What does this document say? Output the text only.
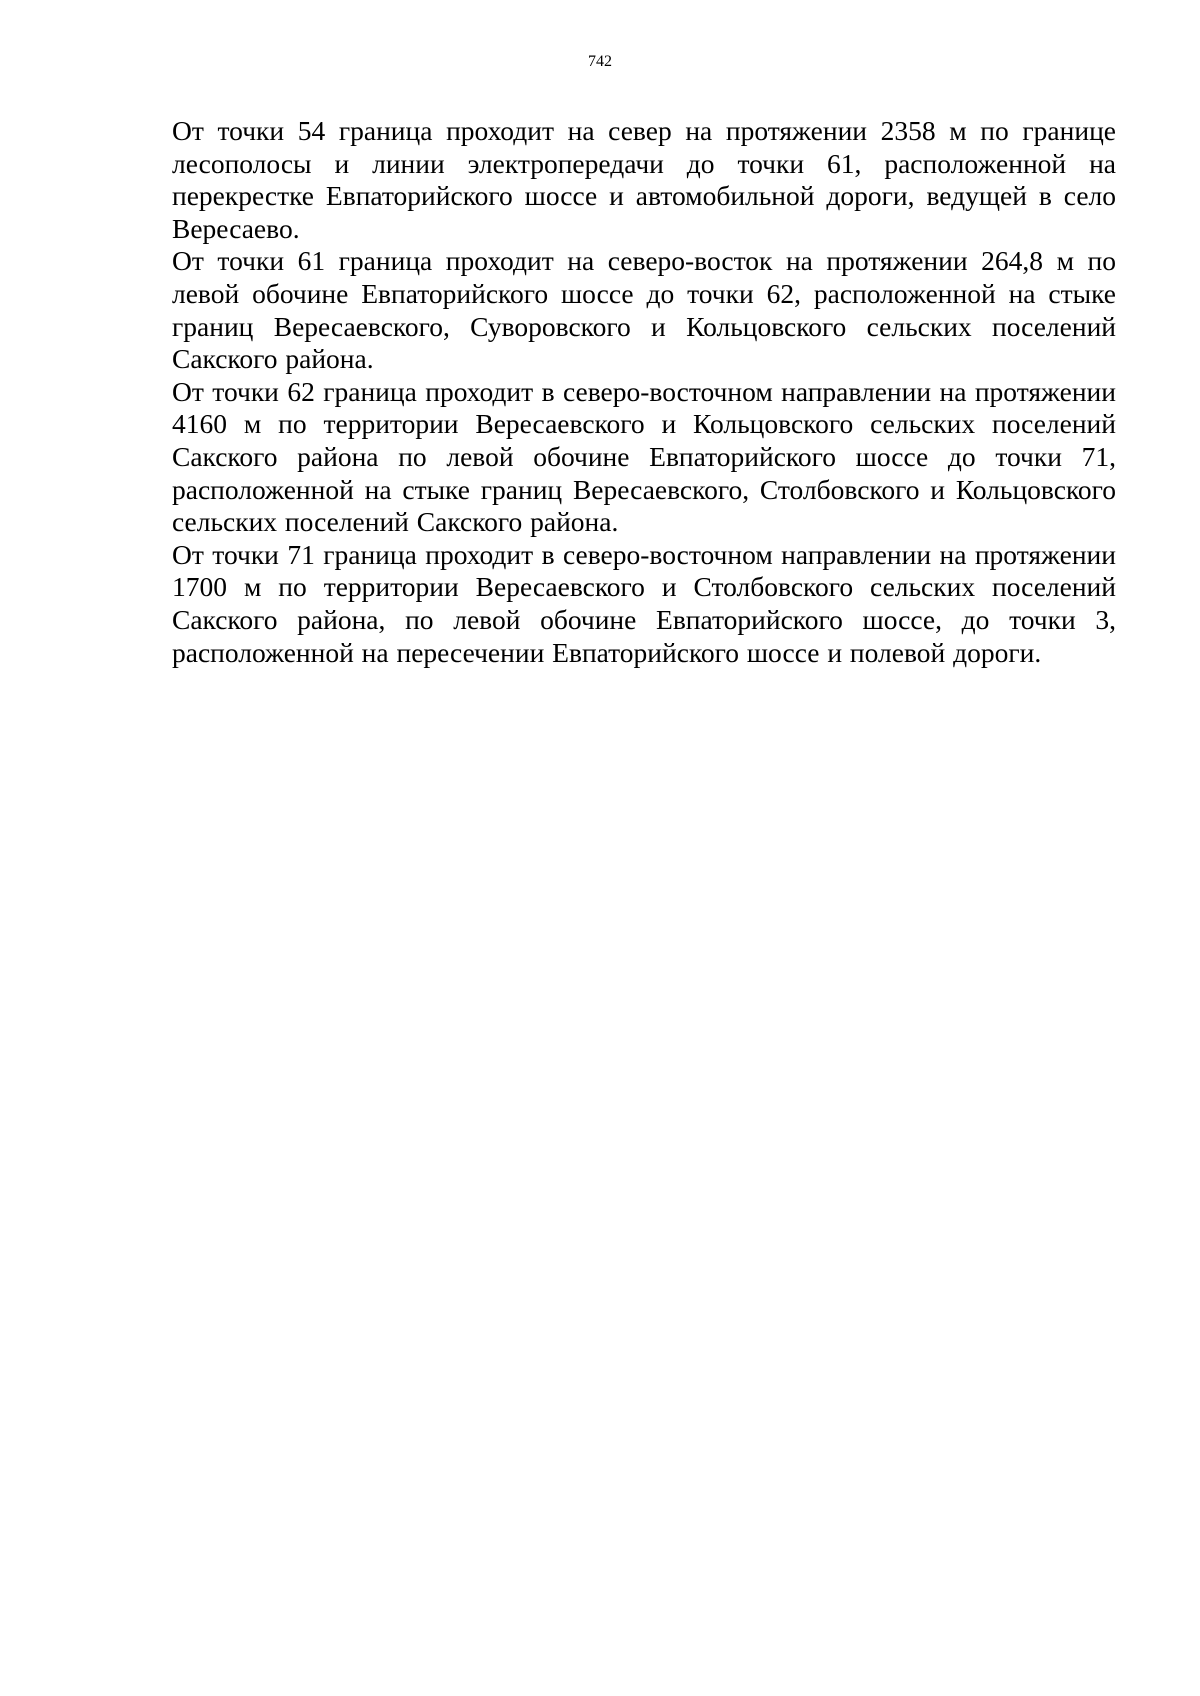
742

От точки 54 граница проходит на север на протяжении 2358 м по границе лесополосы и линии электропередачи до точки 61, расположенной на перекрестке Евпаторийского шоссе и автомобильной дороги, ведущей в село Вересаево.

От точки 61 граница проходит на северо-восток на протяжении 264,8 м по левой обочине Евпаторийского шоссе до точки 62, расположенной на стыке границ Вересаевского, Суворовского и Кольцовского сельских поселений Сакского района.

От точки 62 граница проходит в северо-восточном направлении на протяжении 4160 м по территории Вересаевского и Кольцовского сельских поселений Сакского района по левой обочине Евпаторийского шоссе до точки 71, расположенной на стыке границ Вересаевского, Столбовского и Кольцовского сельских поселений Сакского района.

От точки 71 граница проходит в северо-восточном направлении на протяжении 1700 м по территории Вересаевского и Столбовского сельских поселений Сакского района, по левой обочине Евпаторийского шоссе, до точки 3, расположенной на пересечении Евпаторийского шоссе и полевой дороги.
